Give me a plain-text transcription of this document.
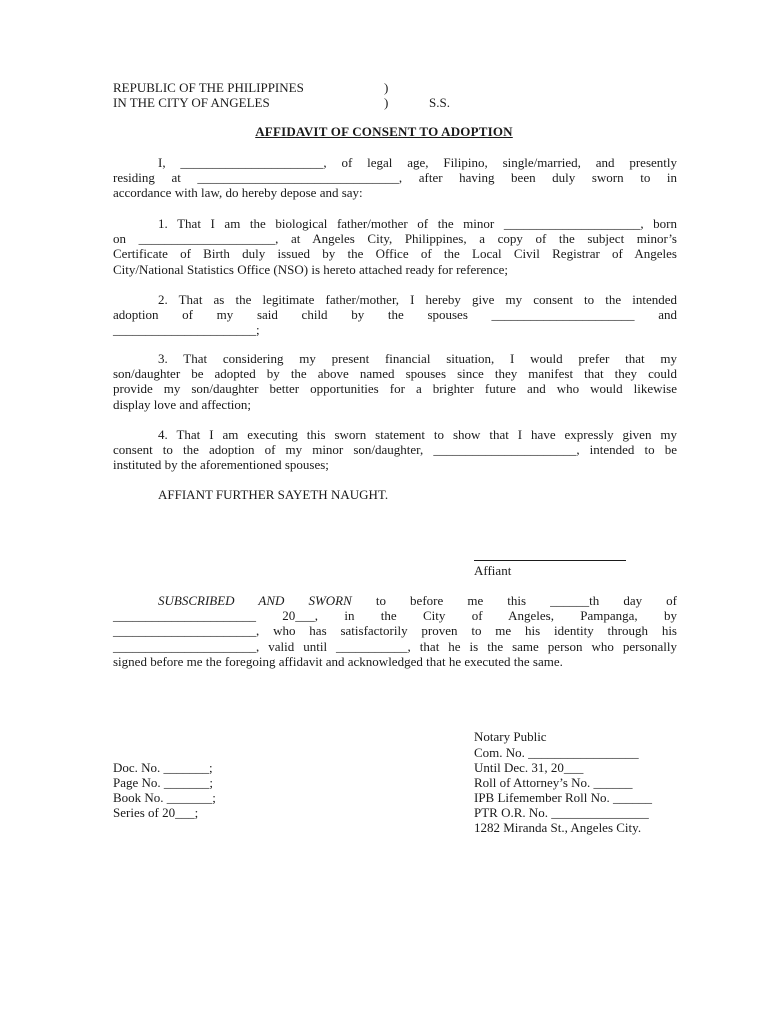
REPUBLIC OF THE PHILIPPINES	)
IN THE CITY OF ANGELES	)	S.S.
AFFIDAVIT OF CONSENT TO ADOPTION
I, ______________________, of legal age, Filipino, single/married, and presently
residing at _______________________________, after having been duly sworn to in
accordance with law, do hereby depose and say:
1. That I am the biological father/mother of the minor _____________________, born
on _____________________, at Angeles City, Philippines, a copy of the subject minor’s
Certificate of Birth duly issued by the Office of the Local Civil Registrar of Angeles
City/National Statistics Office (NSO) is hereto attached ready for reference;
2. That as the legitimate father/mother, I hereby give my consent to the intended
adoption of my said child by the spouses ______________________ and
______________________;
3. That considering my present financial situation, I would prefer that my
son/daughter be adopted by the above named spouses since they manifest that they could
provide my son/daughter better opportunities for a brighter future and who would likewise
display love and affection;
4. That I am executing this sworn statement to show that I have expressly given my
consent to the adoption of my minor son/daughter, ______________________, intended to be
instituted by the aforementioned spouses;
AFFIANT FURTHER SAYETH NAUGHT.
Affiant
SUBSCRIBED AND SWORN to before me this ______th day of
______________________ 20___, in the City of Angeles, Pampanga, by
______________________, who has satisfactorily proven to me his identity through his
______________________, valid until ___________, that he is the same person who personally
signed before me the foregoing affidavit and acknowledged that he executed the same.
Notary Public
Com. No. _________________
Until Dec. 31, 20___
Roll of Attorney’s No. ______
IPB Lifemember Roll No. ______
PTR O.R. No. _______________
1282 Miranda St., Angeles City.
Doc. No. _______;
Page No. _______;
Book No. _______;
Series of 20___;
